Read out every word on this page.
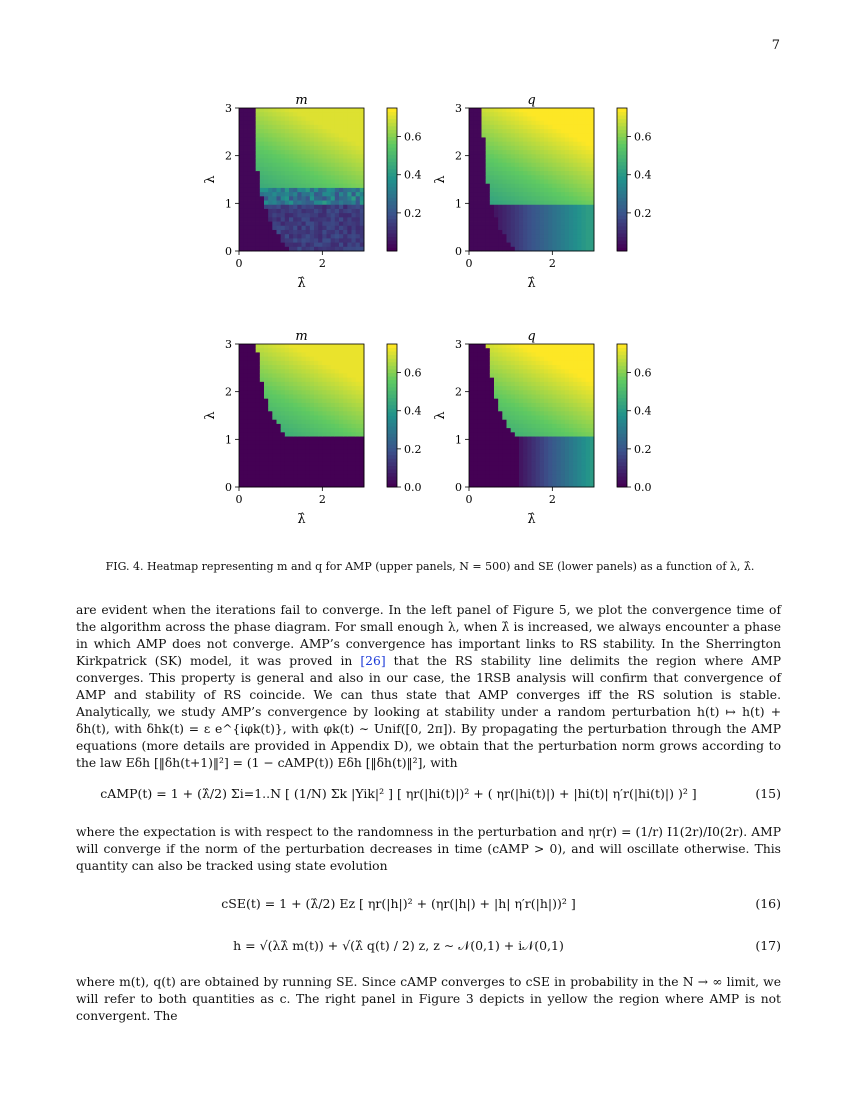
7
m
0
1
2
3
0	2
λ
λ̂
0.2
0.4
0.6
q
0
1
2
3
0	2
λ
λ̂
0.2
0.4
0.6
m
0
1
2
3
0	2
λ
λ̂
0.0
0.2
0.4
0.6
q
0
1
2
3
0	2
λ
λ̂
0.0
0.2
0.4
0.6
FIG. 4. Heatmap representing m and q for AMP (upper panels, N = 500) and SE (lower panels) as a function of λ, λ̂.
are evident when the iterations fail to converge. In the left panel of Figure 5, we plot the convergence time of the algorithm across the phase diagram. For small enough λ, when λ̂ is increased, we always encounter a phase in which AMP does not converge. AMP’s convergence has important links to RS stability. In the Sherrington Kirkpatrick (SK) model, it was proved in [26] that the RS stability line delimits the region where AMP converges. This property is general and also in our case, the 1RSB analysis will confirm that convergence of AMP and stability of RS coincide. We can thus state that AMP converges iff the RS solution is stable. Analytically, we study AMP’s convergence by looking at stability under a random perturbation h(t) ↦ h(t) + δh(t), with δhk(t) = ε e^{iφk(t)}, with φk(t) ∼ Unif([0, 2π]). By propagating the perturbation through the AMP equations (more details are provided in Appendix D), we obtain that the perturbation norm grows according to the law Eδh [‖δh(t+1)‖²] = (1 − cAMP(t)) Eδh [‖δh(t)‖²], with
cAMP(t) = 1 + (λ̂/2) Σi=1..N [ (1/N) Σk |Yik|² ] [ ηr(|hi(t)|)² + ( ηr(|hi(t)|) + |hi(t)| η′r(|hi(t)|) )² ]	(15)
where the expectation is with respect to the randomness in the perturbation and ηr(r) = (1/r) I1(2r)/I0(2r). AMP will converge if the norm of the perturbation decreases in time (cAMP > 0), and will oscillate otherwise. This quantity can also be tracked using state evolution
cSE(t) = 1 + (λ̂/2) Ez [ ηr(|h|)² + (ηr(|h|) + |h| η′r(|h|))² ]	(16)
h = √(λλ̂ m(t)) + √(λ̂ q(t) / 2) z, z ∼ 𝒩(0,1) + i𝒩(0,1)	(17)
where m(t), q(t) are obtained by running SE. Since cAMP converges to cSE in probability in the N → ∞ limit, we will refer to both quantities as c. The right panel in Figure 3 depicts in yellow the region where AMP is not convergent. The
